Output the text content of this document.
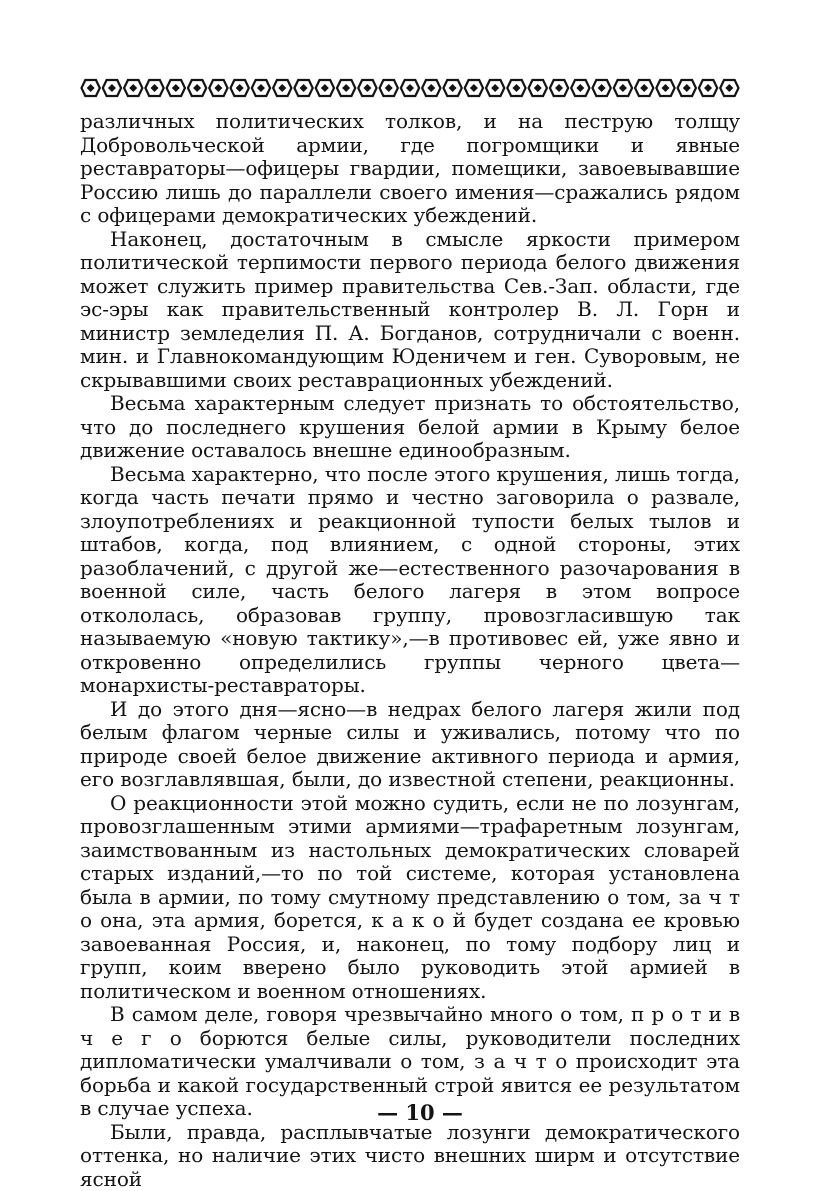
различных политических толков, и на пеструю толщу Добровольческой армии, где погромщики и явные реставраторы—офицеры гвардии, помещики, завоевывавшие Россию лишь до параллели своего имения—сражались рядом с офицерами демократических убеждений.

Наконец, достаточным в смысле яркости примером политической терпимости первого периода белого движения может служить пример правительства Сев.-Зап. области, где эс-эры как правительственный контролер В. Л. Горн и министр земледелия П. А. Богданов, сотрудничали с военн. мин. и Главнокомандующим Юденичем и ген. Суворовым, не скрывавшими своих реставрационных убеждений.

Весьма характерным следует признать то обстоятельство, что до последнего крушения белой армии в Крыму белое движение оставалось внешне единообразным.

Весьма характерно, что после этого крушения, лишь тогда, когда часть печати прямо и честно заговорила о развале, злоупотреблениях и реакционной тупости белых тылов и штабов, когда, под влиянием, с одной стороны, этих разоблачений, с другой же—естественного разочарования в военной силе, часть белого лагеря в этом вопросе откололась, образовав группу, провозгласившую так называемую «новую тактику»,—в противовес ей, уже явно и откровенно определились группы черного цвета—монархисты-реставраторы.

И до этого дня—ясно—в недрах белого лагеря жили под белым флагом черные силы и уживались, потому что по природе своей белое движение активного периода и армия, его возглавлявшая, были, до известной степени, реакционны.

О реакционности этой можно судить, если не по лозунгам, провозглашенным этими армиями—трафаретным лозунгам, заимствованным из настольных демократических словарей старых изданий,—то по той системе, которая установлена была в армии, по тому смутному представлению о том, за ч т о она, эта армия, борется, к а к о й будет создана ее кровью завоеванная Россия, и, наконец, по тому подбору лиц и групп, коим вверено было руководить этой армией в политическом и военном отношениях.

В самом деле, говоря чрезвычайно много о том, п р о т и в ч е г о борются белые силы, руководители последних дипломатически умалчивали о том, з а ч т о происходит эта борьба и какой государственный строй явится ее результатом в случае успеха.

Были, правда, расплывчатые лозунги демократического оттенка, но наличие этих чисто внешних ширм и отсутствие ясной

— 10 —
